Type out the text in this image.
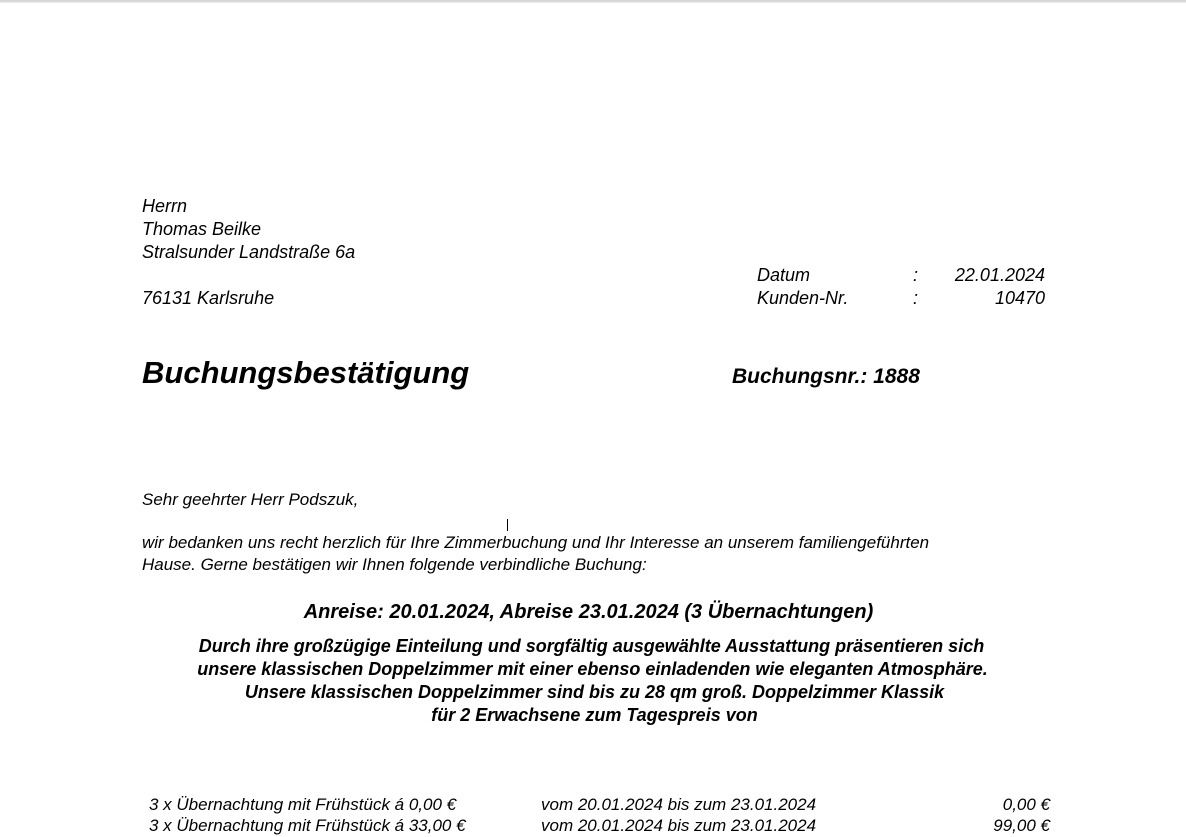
Herrn
Thomas Beilke
Stralsunder Landstraße 6a
76131 Karlsruhe
Datum	:	22.01.2024
Kunden-Nr.	:	10470
Buchungsbestätigung	Buchungsnr.: 1888
Sehr geehrter Herr Podszuk,
wir bedanken uns recht herzlich für Ihre Zimmerbuchung und Ihr Interesse an unserem familiengeführten
Hause. Gerne bestätigen wir Ihnen folgende verbindliche Buchung:
Anreise: 20.01.2024, Abreise 23.01.2024 (3 Übernachtungen)
Durch ihre großzügige Einteilung und sorgfältig ausgewählte Ausstattung präsentieren sich
unsere klassischen Doppelzimmer mit einer ebenso einladenden wie eleganten Atmosphäre.
Unsere klassischen Doppelzimmer sind bis zu 28 qm groß. Doppelzimmer Klassik
für 2 Erwachsene zum Tagespreis von
3 x Übernachtung mit Frühstück á 0,00 €	vom 20.01.2024 bis zum 23.01.2024	0,00 €
3 x Übernachtung mit Frühstück á 33,00 €	vom 20.01.2024 bis zum 23.01.2024	99,00 €
